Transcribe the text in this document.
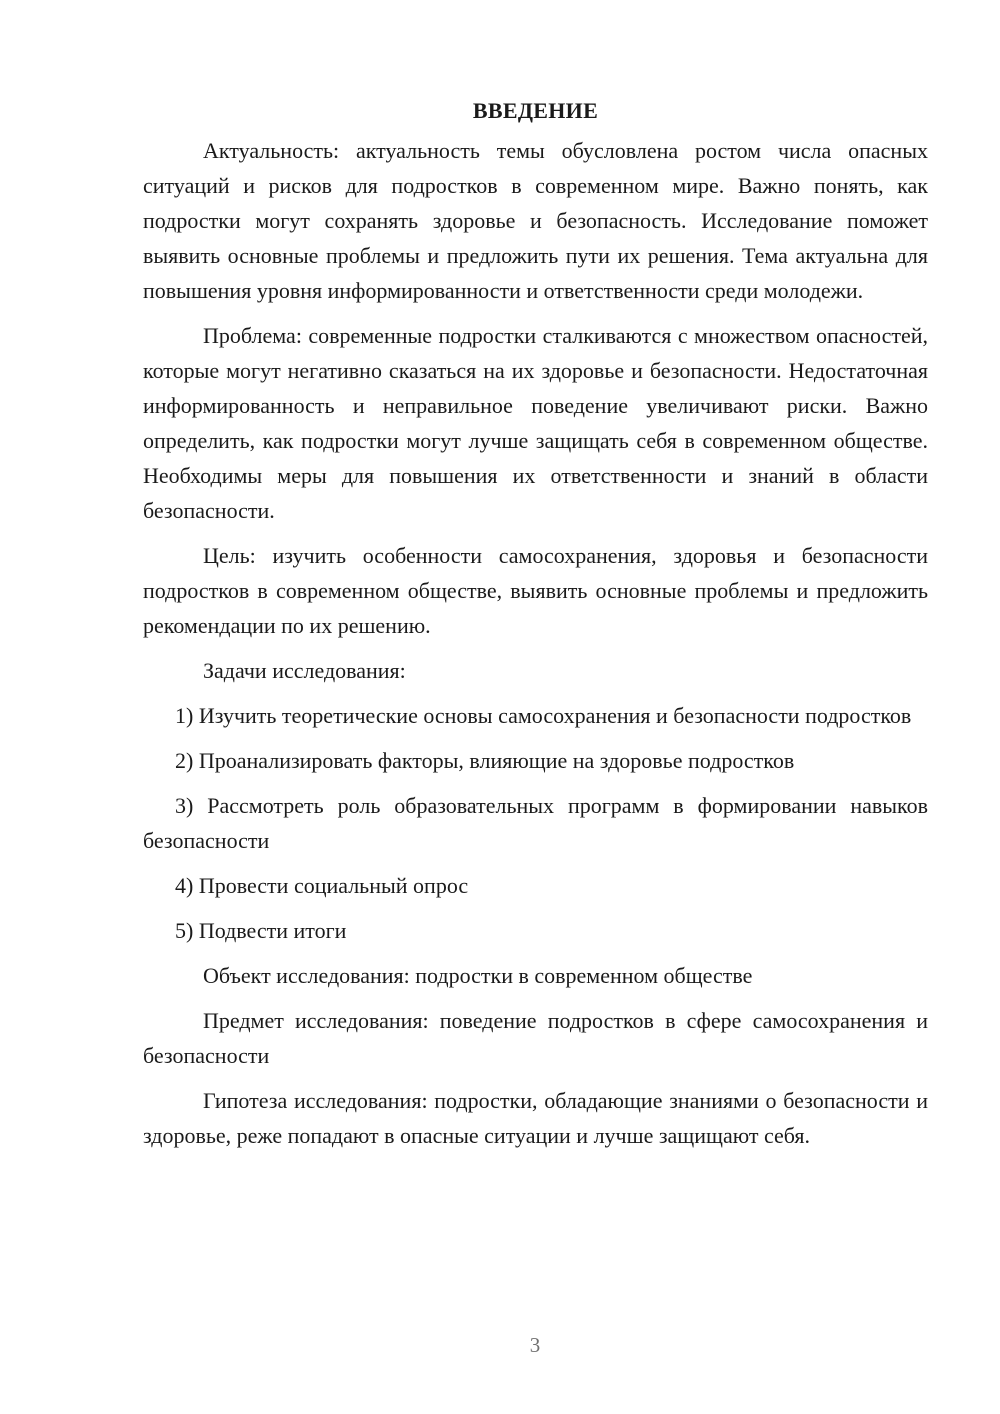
ВВЕДЕНИЕ

Актуальность: актуальность темы обусловлена ростом числа опасных ситуаций и рисков для подростков в современном мире. Важно понять, как подростки могут сохранять здоровье и безопасность. Исследование поможет выявить основные проблемы и предложить пути их решения. Тема актуальна для повышения уровня информированности и ответственности среди молодежи.

Проблема: современные подростки сталкиваются с множеством опасностей, которые могут негативно сказаться на их здоровье и безопасности. Недостаточная информированность и неправильное поведение увеличивают риски. Важно определить, как подростки могут лучше защищать себя в современном обществе. Необходимы меры для повышения их ответственности и знаний в области безопасности.

Цель: изучить особенности самосохранения, здоровья и безопасности подростков в современном обществе, выявить основные проблемы и предложить рекомендации по их решению.

Задачи исследования:

1) Изучить теоретические основы самосохранения и безопасности подростков

2) Проанализировать факторы, влияющие на здоровье подростков

3) Рассмотреть роль образовательных программ в формировании навыков безопасности

4) Провести социальный опрос

5) Подвести итоги

Объект исследования: подростки в современном обществе

Предмет исследования: поведение подростков в сфере самосохранения и безопасности

Гипотеза исследования: подростки, обладающие знаниями о безопасности и здоровье, реже попадают в опасные ситуации и лучше защищают себя.

3
